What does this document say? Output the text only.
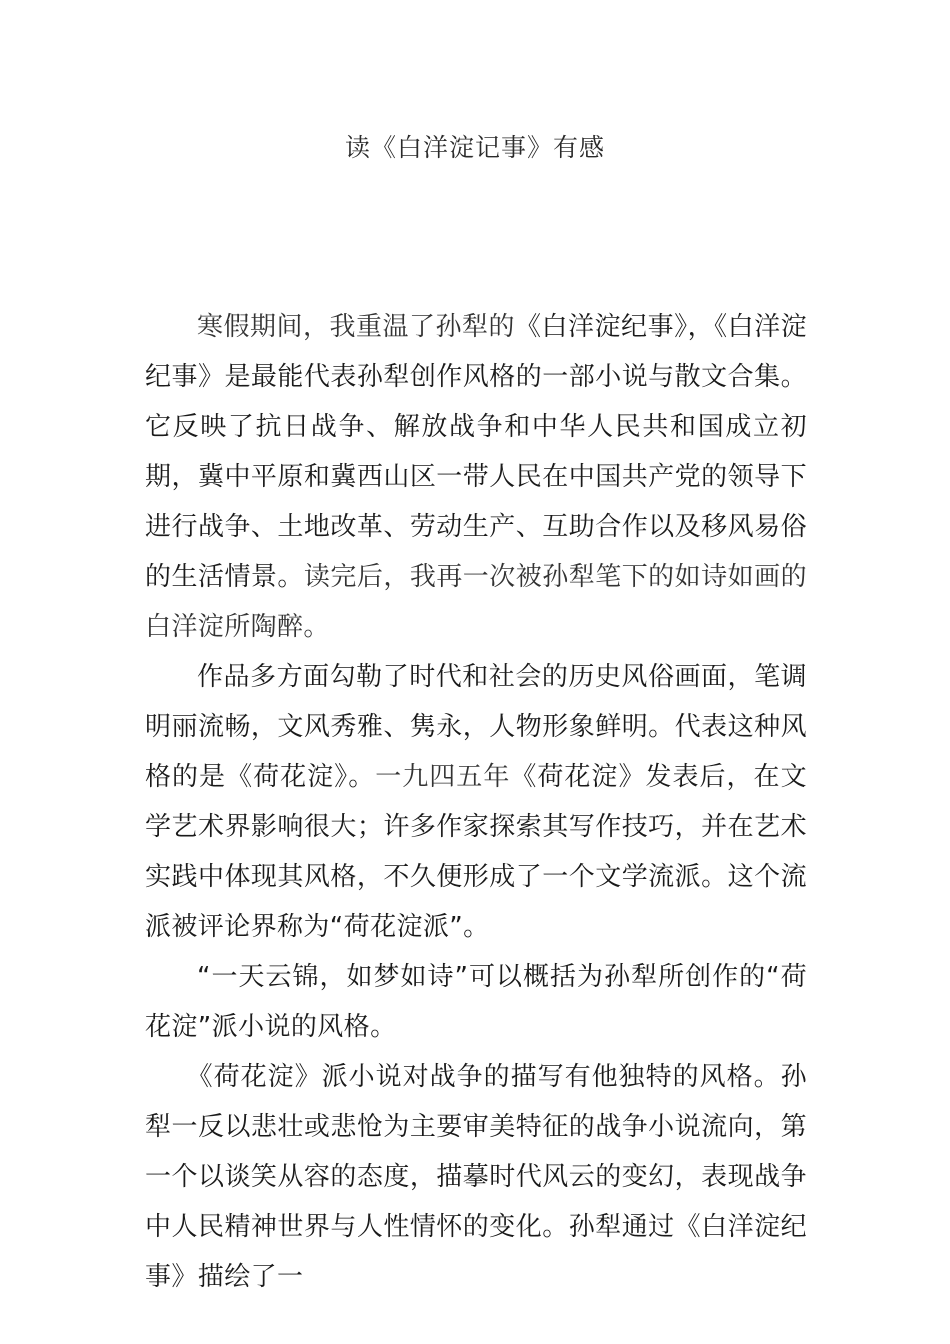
读《白洋淀记事》有感

寒假期间，我重温了孙犁的《白洋淀纪事》，《白洋淀纪事》是最能代表孙犁创作风格的一部小说与散文合集。它反映了抗日战争、解放战争和中华人民共和国成立初期，冀中平原和冀西山区一带人民在中国共产党的领导下进行战争、土地改革、劳动生产、互助合作以及移风易俗的生活情景。读完后，我再一次被孙犁笔下的如诗如画的白洋淀所陶醉。

作品多方面勾勒了时代和社会的历史风俗画面，笔调明丽流畅，文风秀雅、隽永，人物形象鲜明。代表这种风格的是《荷花淀》。一九四五年《荷花淀》发表后，在文学艺术界影响很大；许多作家探索其写作技巧，并在艺术实践中体现其风格，不久便形成了一个文学流派。这个流派被评论界称为“荷花淀派”。

“一天云锦，如梦如诗”可以概括为孙犁所创作的“荷花淀”派小说的风格。

《荷花淀》派小说对战争的描写有他独特的风格。孙犁一反以悲壮或悲怆为主要审美特征的战争小说流向，第一个以谈笑从容的态度，描摹时代风云的变幻，表现战争中人民精神世界与人性情怀的变化。孙犁通过《白洋淀纪事》描绘了一
